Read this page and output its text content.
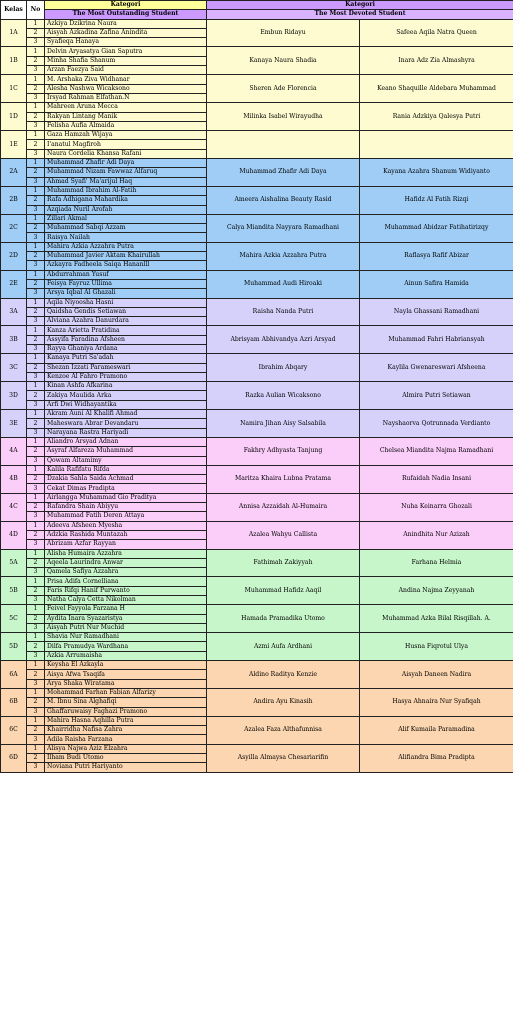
Kelas	No	Kategori	Kategori	
		The Most Outstanding Student	The Most Devoted Student	
1A	1	Azkiya Dzikrina Naura	Embun Ridayu	Safeea Aqila Natra Queen
	2	Aisyah Azkadina Zafina Anindita		
	3	Syafieqa Hanaya		
1B	1	Delvin Aryasatya Gian Saputra	Kanaya Naura Shadia	Inara Adz Zia Almashyra
	2	Minha Shafia Shanum		
	3	Arzan Faezya Said		
1C	1	M. Arshaka Ziva Widhanar	Sheren Ade Florencia	Keano Shaquille Aldebara Muhammad
	2	Alesha Nashwa Wicaksono		
	3	Irsyad Rahman Elfathan.N		
1D	1	Mahreen Aruna Mecca	Milinka Isabel Wirayudha	Rania Adzkiya Qalesya Putri
	2	Rakyan Lintang Manik		
	3	Felisha Aufia Almaida		
1E	1	Gaza Hamzah Wijaya		
	2	I'anatul Magfiroh		
	3	Naura Cordelia Khansa Rafani		
2A	1	Muhammad Zhafir Adi Daya	Muhammad Zhafir Adi Daya	Kayana Azahra Shanum Widiyanto
	2	Muhammad Nizam Fawwaz Alfaruq		
	3	Ahmad Syafi' Ma'arijul Haq		
2B	1	Muhammad Ibrahim Al-Fatih	Ameera Aishalina Beauty Rasid	Hafidz Al Fatih Rizqi
	2	Rafa Adhigana Mahardika		
	3	Azqiada Nuril Arofah		
2C	1	Zillari Akmal	Calya Miandita Nayyara Ramadhani	Muhammad Abidzar Fatihatirizqy
	2	Muhammad Sabqi Azzam		
	3	Raisya Nailah		
2D	1	Mahira Azkia Azzahra Putra	Mahira Azkia Azzahra Putra	Raflasya Rafif Abizar
	2	Muhammad Javier Aktam Khairullah		
	3	Azkayra Fadheela Saiqa Hananlll		
2E	1	Abdurrahman Yusuf	Muhammad Audi Hiroaki	Ainun Safira Hamida
	2	Feisya Fayruz Ullima		
	3	Arsya Iqbal Al Ghazali		
3A	1	Aqila Niyoosha Hasni	Raisha Nanda Putri	Nayla Ghassani Ramadhani
	2	Qaidsha Gendis Setiawan		
	3	Alviana Azahra Danurdara		
3B	1	Kanza Arietta Pratidina	Abrisyam Abhivandya Azri Arsyad	Muhammad Fahri Habriansyah
	2	Assyifa Faradina Afsheen		
	3	Rayya Ghaniya Ardana		
3C	1	Kanaya Putri Sa'adah	Ibrahim Abqary	Kaylila Gwenareswari Afsheena
	2	Shezan Izzati Parameswari		
	3	Kenzoe Al Fahro Pramono		
3D	1	Kinan Ashfa Afkarina	Razka Aulian Wicaksono	Almira Putri Setiawan
	2	Zakiya Maulida Arka		
	3	Arfi Dwi Widhayantika		
3E	1	Akram Auni Al Khalifi Ahmad	Namira Jihan Aisy Salsabila	Nayshaorva Qotrunnada Verdianto
	2	Maheswara Abrar Devandaru		
	3	Narayana Rastra Hariyadi		
4A	1	Aliandro Arsyad Adnan	Fakhry Adhyasta Tanjung	Chelsea Miandita Najma Ramadhani
	2	Asyraf Alfareza Muhammad		
	3	Qowam Altamimy		
4B	1	Kalila Rafifatu Rifda	Maritza Khaira Lubna Pratama	Rufaidah Nadia Insani
	2	Dzakia Sahla Saida Achmad		
	3	Cekat Dimas Pradipta		
4C	1	Airlangga Muhammad Gio Praditya	Annisa Azzaidah Al-Humaira	Nuha Keinarra Ghozali
	2	Rafandra Shain Abiyyu		
	3	Muhammad Fatih Deren Attaya		
4D	1	Adeeva Afsheen Myesha	Azalea Wahyu Callista	Anindhita Nur Azizah
	2	Adzkia Rashida Muntazah		
	3	Abrizam Azfar Rayyan		
5A	1	Alisha Humaira Azzahra	Fathimah Zakiyyah	Farhana Helmia
	2	Aqeela Laurindra Anwar		
	3	Qamela Safiya Azzahra		
5B	1	Prisa Adifa Cornelliana	Muhammad Hafidz Aaqil	Andina Najma Zeyyanah
	2	Faris Rifqi Hanif Purwanto		
	3	Natha Calya Cetta Nikolman		
5C	1	Feivel Fayyola Farzana H	Hamada Pramadika Utomo	Muhammad Azka Bilal Risqillah. A.
	2	Aydita Inara Syazaristya		
	3	Aisyah Putri Nur Muchid		
5D	1	Shavia Nur Ramadhani	Azmi Aufa Ardhani	Husna Fiqrotul Ulya
	2	Dilfa Pramudya Wardhana		
	3	Azkia Arrumaisha		
6A	1	Keysha El Azkayla	Aldino Raditya Kenzie	Aisyah Daneen Nadira
	2	Aisya Afwa Tsaqifa		
	3	Arya Shaka Wiratama		
6B	1	Mohammad Farhan Fabian Alfarizy	Andira Ayu Kinasih	Hasya Ahnaira Nur Syafiqah
	2	M. Ibnu Sina Alghafiqi		
	3	Ghaffaruwaisy Faghazi Pramono		
6C	1	Mahira Hasna Aqhilla Putra	Azalea Faza Althafunnisa	Alif Kumaila Paramadina
	2	Khairridha Nafisa Zahra		
	3	Adila Raisha Farzana		
6D	1	Alisya Najwa Aziz Elzahra	Asyilla Almaysa Chesariarifin	Alifiandra Bima Pradipta
	2	Ilham Budi Utomo		
	3	Noviana Putri Hariyanto		
